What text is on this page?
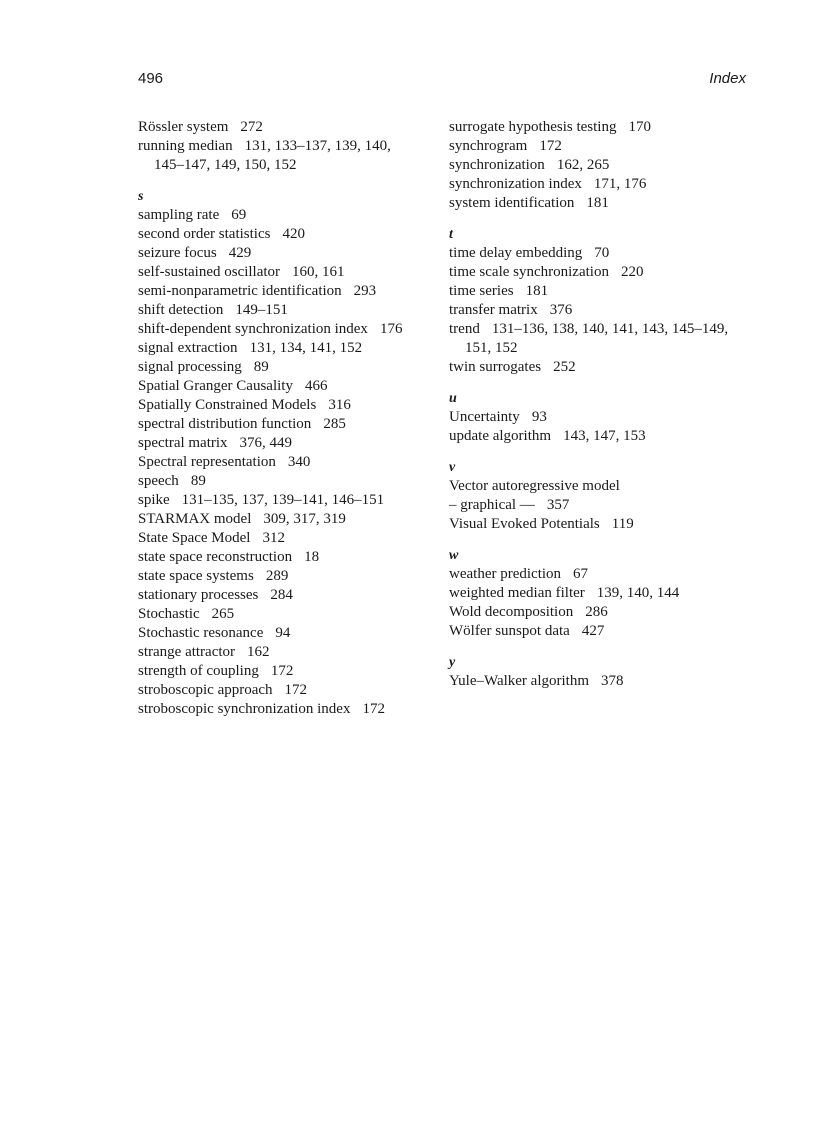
496	Index
Rössler system 272
running median 131, 133–137, 139, 140, 145–147, 149, 150, 152
s
sampling rate 69
second order statistics 420
seizure focus 429
self-sustained oscillator 160, 161
semi-nonparametric identification 293
shift detection 149–151
shift-dependent synchronization index 176
signal extraction 131, 134, 141, 152
signal processing 89
Spatial Granger Causality 466
Spatially Constrained Models 316
spectral distribution function 285
spectral matrix 376, 449
Spectral representation 340
speech 89
spike 131–135, 137, 139–141, 146–151
STARMAX model 309, 317, 319
State Space Model 312
state space reconstruction 18
state space systems 289
stationary processes 284
Stochastic 265
Stochastic resonance 94
strange attractor 162
strength of coupling 172
stroboscopic approach 172
stroboscopic synchronization index 172
surrogate hypothesis testing 170
synchrogram 172
synchronization 162, 265
synchronization index 171, 176
system identification 181
t
time delay embedding 70
time scale synchronization 220
time series 181
transfer matrix 376
trend 131–136, 138, 140, 141, 143, 145–149, 151, 152
twin surrogates 252
u
Uncertainty 93
update algorithm 143, 147, 153
v
Vector autoregressive model
– graphical — 357
Visual Evoked Potentials 119
w
weather prediction 67
weighted median filter 139, 140, 144
Wold decomposition 286
Wölfer sunspot data 427
y
Yule–Walker algorithm 378
